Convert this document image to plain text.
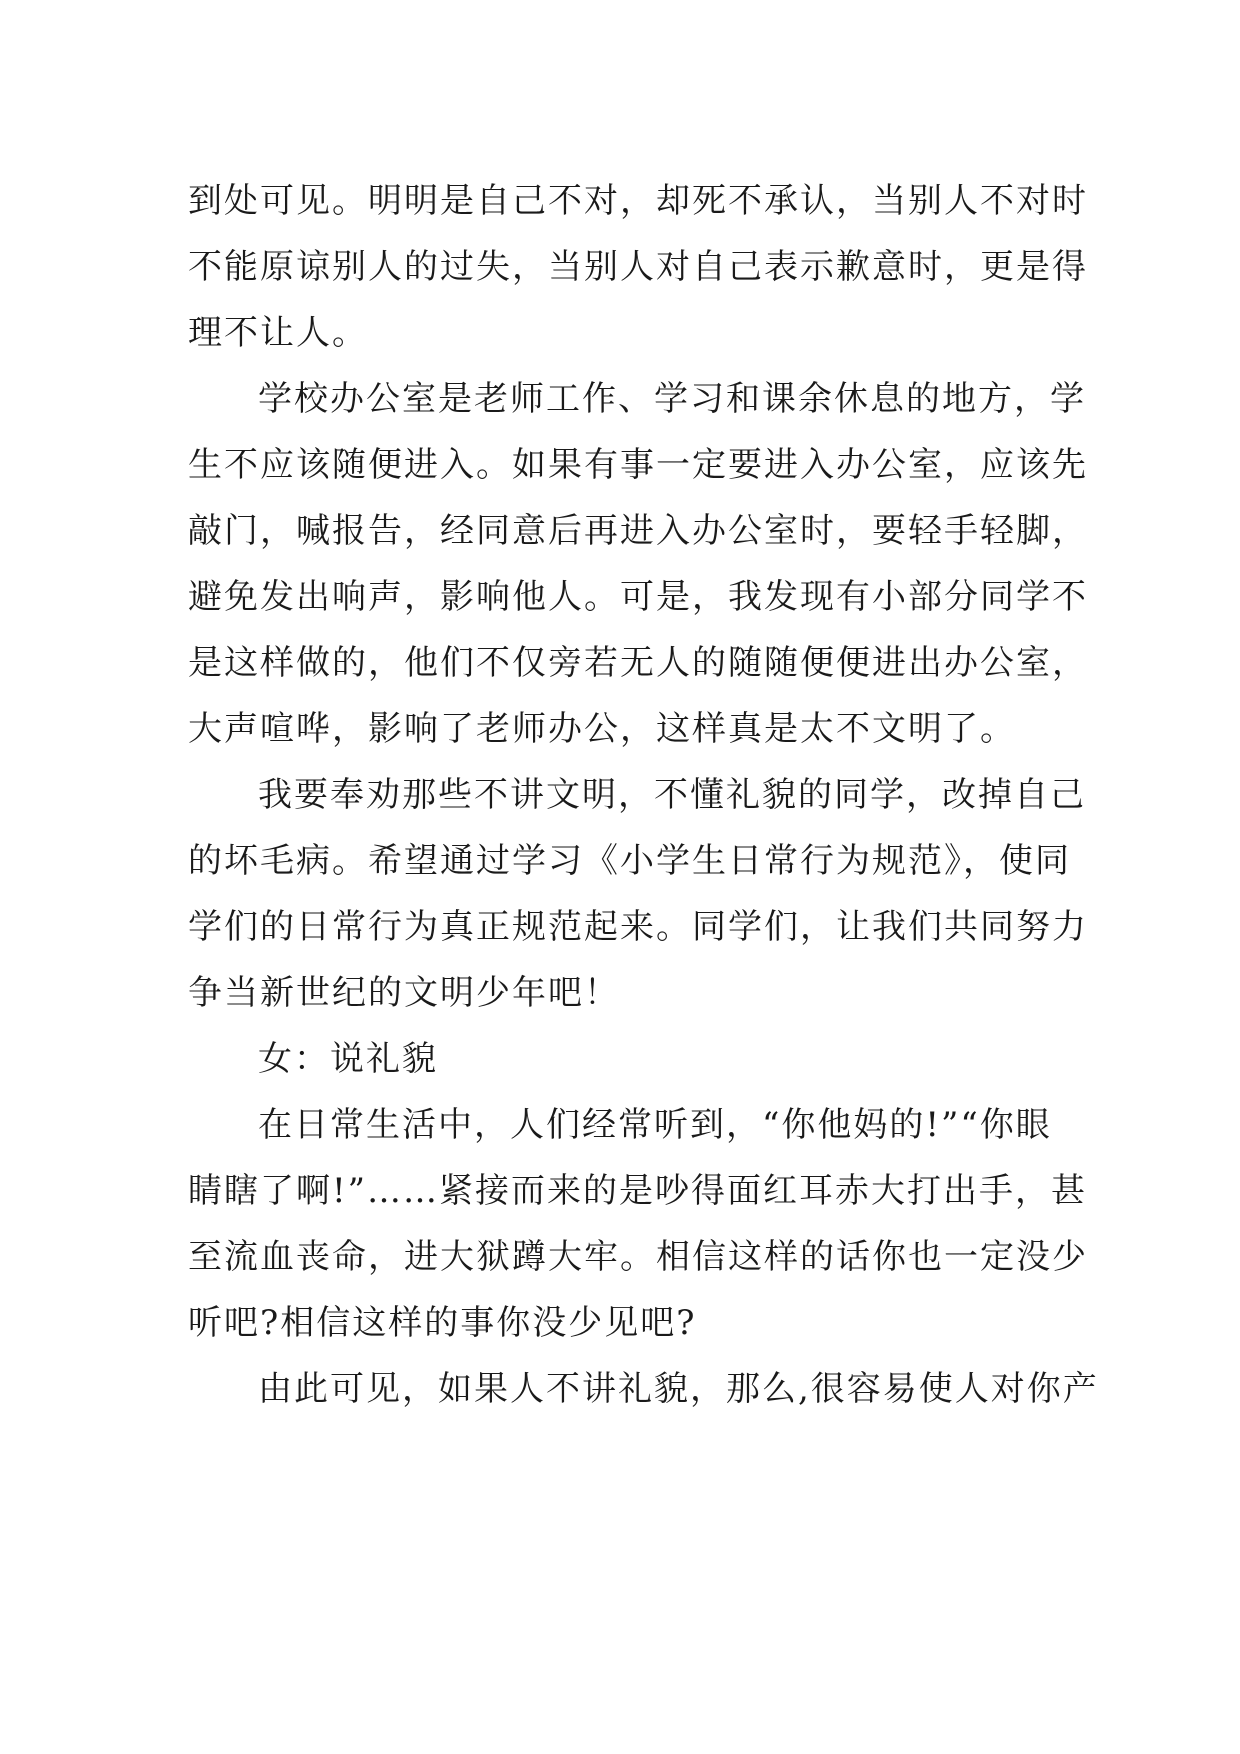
到处可见。明明是自己不对，却死不承认，当别人不对时
不能原谅别人的过失，当别人对自己表示歉意时，更是得
理不让人。
学校办公室是老师工作、学习和课余休息的地方，学
生不应该随便进入。如果有事一定要进入办公室，应该先
敲门，喊报告，经同意后再进入办公室时，要轻手轻脚，
避免发出响声，影响他人。可是，我发现有小部分同学不
是这样做的，他们不仅旁若无人的随随便便进出办公室，
大声喧哗，影响了老师办公，这样真是太不文明了。
我要奉劝那些不讲文明，不懂礼貌的同学，改掉自己
的坏毛病。希望通过学习《小学生日常行为规范》，使同
学们的日常行为真正规范起来。同学们，让我们共同努力
争当新世纪的文明少年吧！
女：说礼貌
在日常生活中，人们经常听到，“你他妈的!”“你眼
睛瞎了啊!”……紧接而来的是吵得面红耳赤大打出手，甚
至流血丧命，进大狱蹲大牢。相信这样的话你也一定没少
听吧?相信这样的事你没少见吧?
由此可见，如果人不讲礼貌，那么,很容易使人对你产
